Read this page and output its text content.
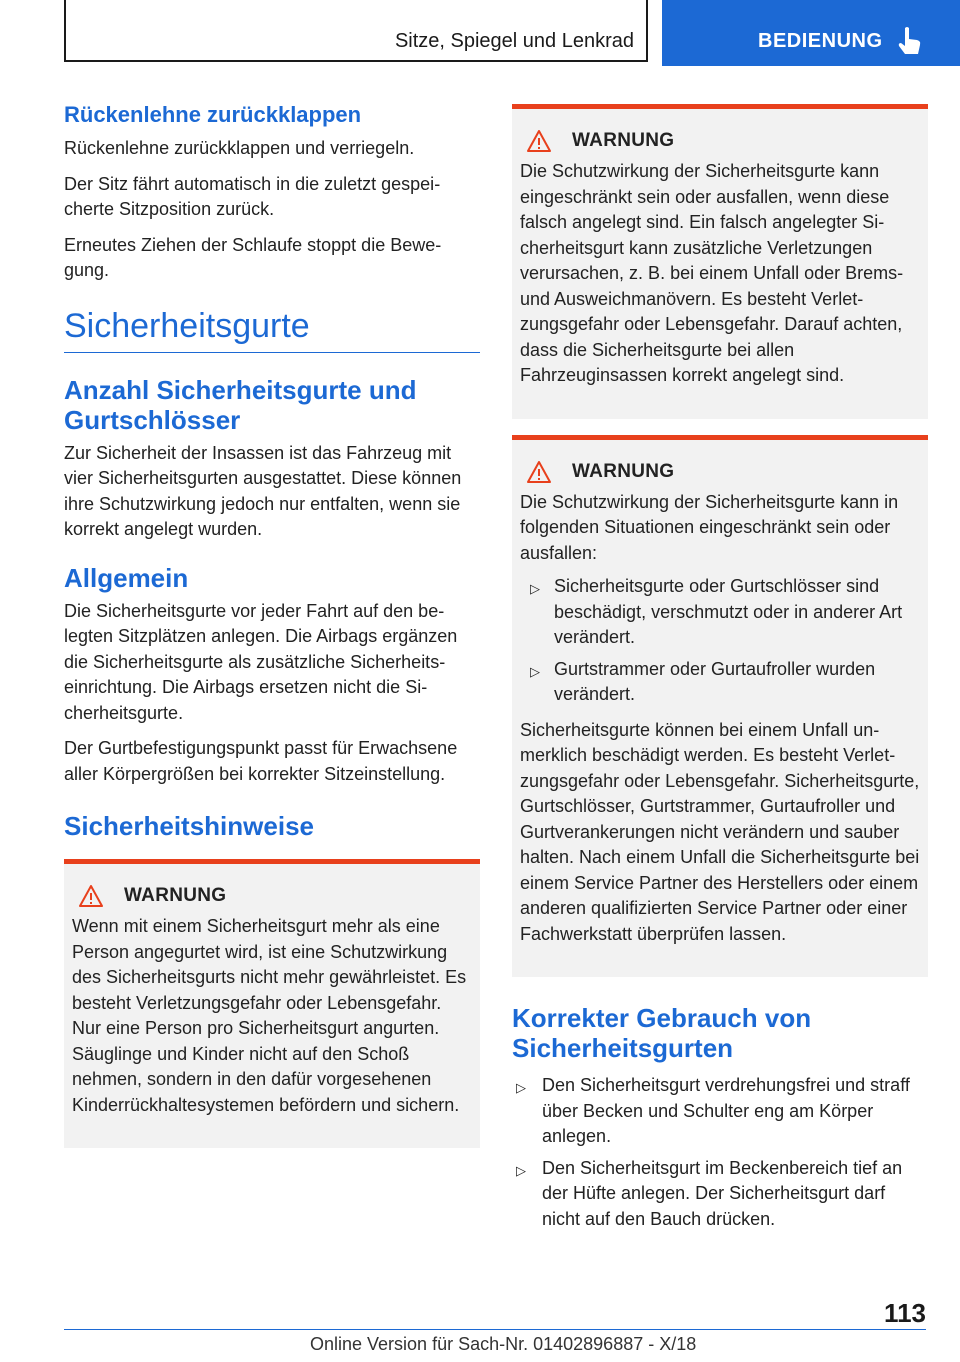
Sitze, Spiegel und Lenkrad	BEDIENUNG
Rückenlehne zurückklappen

Rückenlehne zurückklappen und verriegeln.

Der Sitz fährt automatisch in die zuletzt gespeicherte Sitzposition zurück.

Erneutes Ziehen der Schlaufe stoppt die Bewegung.

Sicherheitsgurte
Anzahl Sicherheitsgurte und Gurtschlösser

Zur Sicherheit der Insassen ist das Fahrzeug mit vier Sicherheitsgurten ausgestattet. Diese können ihre Schutzwirkung jedoch nur entfalten, wenn sie korrekt angelegt wurden.

Allgemein

Die Sicherheitsgurte vor jeder Fahrt auf den belegten Sitzplätzen anlegen. Die Airbags ergänzen die Sicherheitsgurte als zusätzliche Sicherheitseinrichtung. Die Airbags ersetzen nicht die Sicherheitsgurte.

Der Gurtbefestigungspunkt passt für Erwachsene aller Körpergrößen bei korrekter Sitzeinstellung.

Sicherheitshinweise
WARNUNG

Wenn mit einem Sicherheitsgurt mehr als eine Person angegurtet wird, ist eine Schutzwirkung des Sicherheitsgurts nicht mehr gewährleistet. Es besteht Verletzungsgefahr oder Lebensgefahr. Nur eine Person pro Sicherheitsgurt angurten. Säuglinge und Kinder nicht auf den Schoß nehmen, sondern in den dafür vorgesehenen Kinderrückhaltesystemen befördern und sichern.

WARNUNG

Die Schutzwirkung der Sicherheitsgurte kann eingeschränkt sein oder ausfallen, wenn diese falsch angelegt sind. Ein falsch angelegter Sicherheitsgurt kann zusätzliche Verletzungen verursachen, z. B. bei einem Unfall oder Brems- und Ausweichmanövern. Es besteht Verletzungsgefahr oder Lebensgefahr. Darauf achten, dass die Sicherheitsgurte bei allen Fahrzeuginsassen korrekt angelegt sind.

WARNUNG

Die Schutzwirkung der Sicherheitsgurte kann in folgenden Situationen eingeschränkt sein oder ausfallen:

▷ Sicherheitsgurte oder Gurtschlösser sind beschädigt, verschmutzt oder in anderer Art verändert.
▷ Gurtstrammer oder Gurtaufroller wurden verändert.

Sicherheitsgurte können bei einem Unfall unmerklich beschädigt werden. Es besteht Verletzungsgefahr oder Lebensgefahr. Sicherheitsgurte, Gurtschlösser, Gurtstrammer, Gurtaufroller und Gurtverankerungen nicht verändern und sauber halten. Nach einem Unfall die Sicherheitsgurte bei einem Service Partner des Herstellers oder einem anderen qualifizierten Service Partner oder einer Fachwerkstatt überprüfen lassen.

Korrekter Gebrauch von Sicherheitsgurten
▷ Den Sicherheitsgurt verdrehungsfrei und straff über Becken und Schulter eng am Körper anlegen.
▷ Den Sicherheitsgurt im Beckenbereich tief an der Hüfte anlegen. Der Sicherheitsgurt darf nicht auf den Bauch drücken.
113
Online Version für Sach-Nr. 01402896887 - X/18
